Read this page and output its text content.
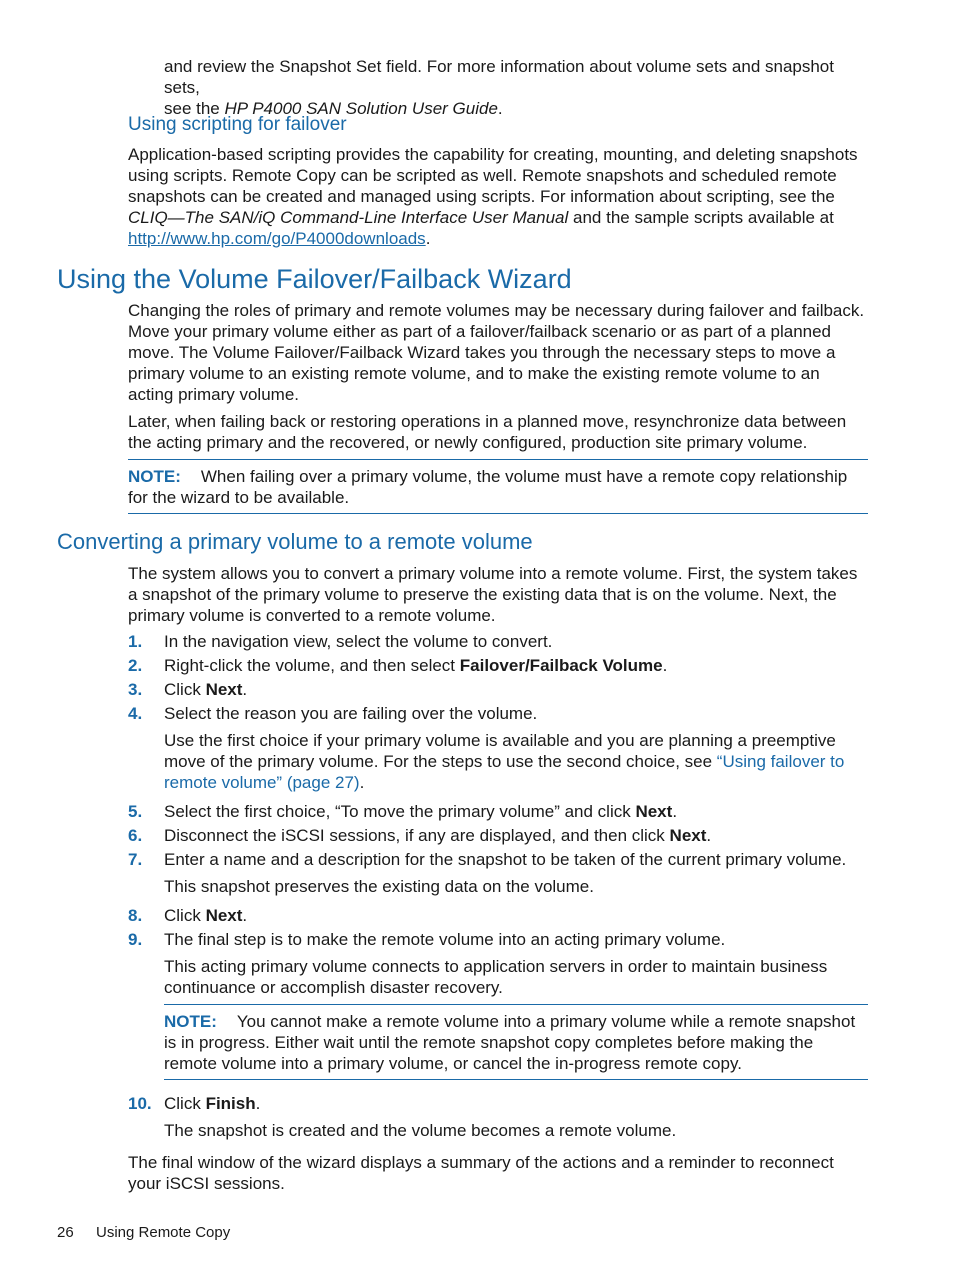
and review the Snapshot Set field. For more information about volume sets and snapshot sets,
see the HP P4000 SAN Solution User Guide.
Using scripting for failover

Application-based scripting provides the capability for creating, mounting, and deleting snapshots using scripts. Remote Copy can be scripted as well. Remote snapshots and scheduled remote snapshots can be created and managed using scripts. For information about scripting, see the CLIQ—The SAN/iQ Command-Line Interface User Manual and the sample scripts available at http://www.hp.com/go/P4000downloads.

Using the Volume Failover/Failback Wizard

Changing the roles of primary and remote volumes may be necessary during failover and failback. Move your primary volume either as part of a failover/failback scenario or as part of a planned move. The Volume Failover/Failback Wizard takes you through the necessary steps to move a primary volume to an existing remote volume, and to make the existing remote volume to an acting primary volume.

Later, when failing back or restoring operations in a planned move, resynchronize data between the acting primary and the recovered, or newly configured, production site primary volume.

NOTE: When failing over a primary volume, the volume must have a remote copy relationship for the wizard to be available.
Converting a primary volume to a remote volume

The system allows you to convert a primary volume into a remote volume. First, the system takes a snapshot of the primary volume to preserve the existing data that is on the volume. Next, the primary volume is converted to a remote volume.

1. In the navigation view, select the volume to convert.
2. Right-click the volume, and then select Failover/Failback Volume.
3. Click Next.
4. Select the reason you are failing over the volume.

Use the first choice if your primary volume is available and you are planning a preemptive move of the primary volume. For the steps to use the second choice, see “Using failover to remote volume” (page 27).

5. Select the first choice, “To move the primary volume” and click Next.
6. Disconnect the iSCSI sessions, if any are displayed, and then click Next.
7. Enter a name and a description for the snapshot to be taken of the current primary volume.

This snapshot preserves the existing data on the volume.

8. Click Next.
9. The final step is to make the remote volume into an acting primary volume.

This acting primary volume connects to application servers in order to maintain business continuance or accomplish disaster recovery.

NOTE: You cannot make a remote volume into a primary volume while a remote snapshot is in progress. Either wait until the remote snapshot copy completes before making the remote volume into a primary volume, or cancel the in-progress remote copy.
10. Click Finish.

The snapshot is created and the volume becomes a remote volume.

The final window of the wizard displays a summary of the actions and a reminder to reconnect your iSCSI sessions.

26 Using Remote Copy
